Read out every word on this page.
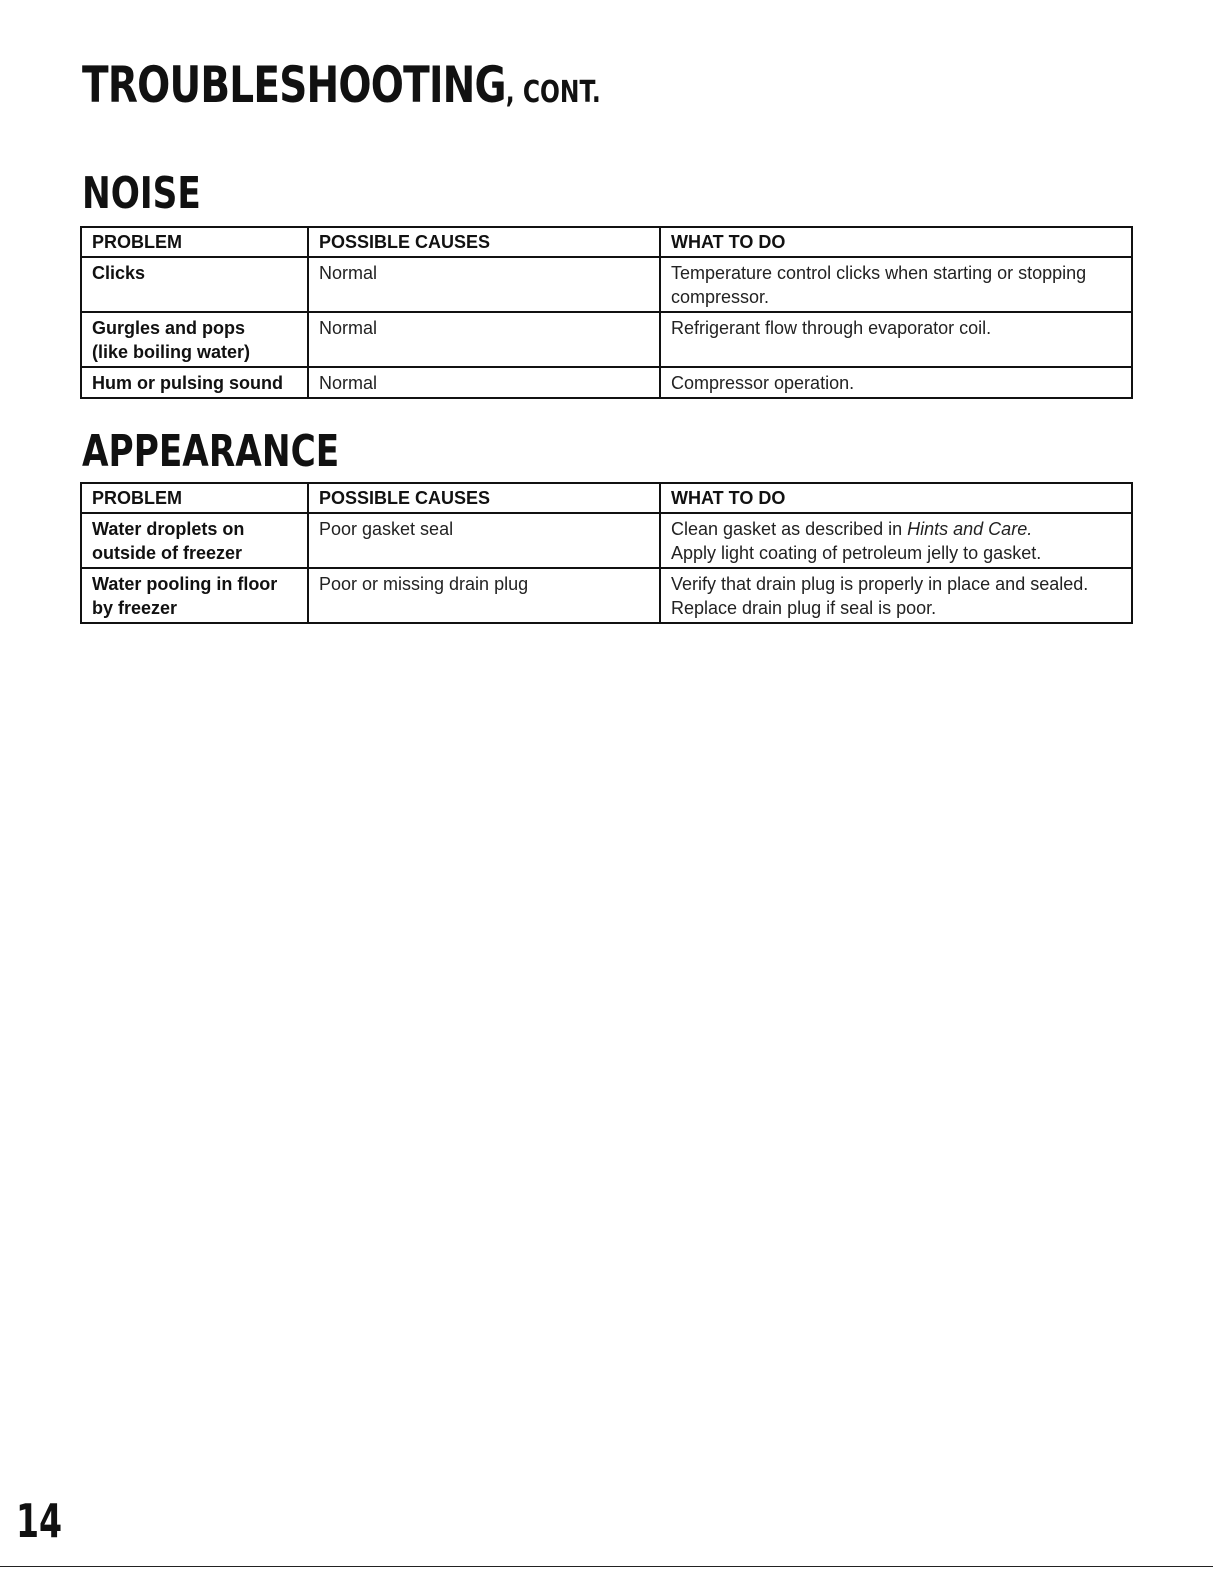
TROUBLESHOOTING, CONT.
NOISE
PROBLEM	POSSIBLE CAUSES	WHAT TO DO

Clicks	Normal	Temperature control clicks when starting or stopping
compressor.

Gurgles and pops
(like boiling water)	Normal	Refrigerant flow through evaporator coil.

Hum or pulsing sound	Normal	Compressor operation.
APPEARANCE
PROBLEM	POSSIBLE CAUSES	WHAT TO DO

Water droplets on
outside of freezer	Poor gasket seal	Clean gasket as described in Hints and Care.
Apply light coating of petroleum jelly to gasket.

Water pooling in floor
by freezer	Poor or missing drain plug	Verify that drain plug is properly in place and sealed.
Replace drain plug if seal is poor.
14
